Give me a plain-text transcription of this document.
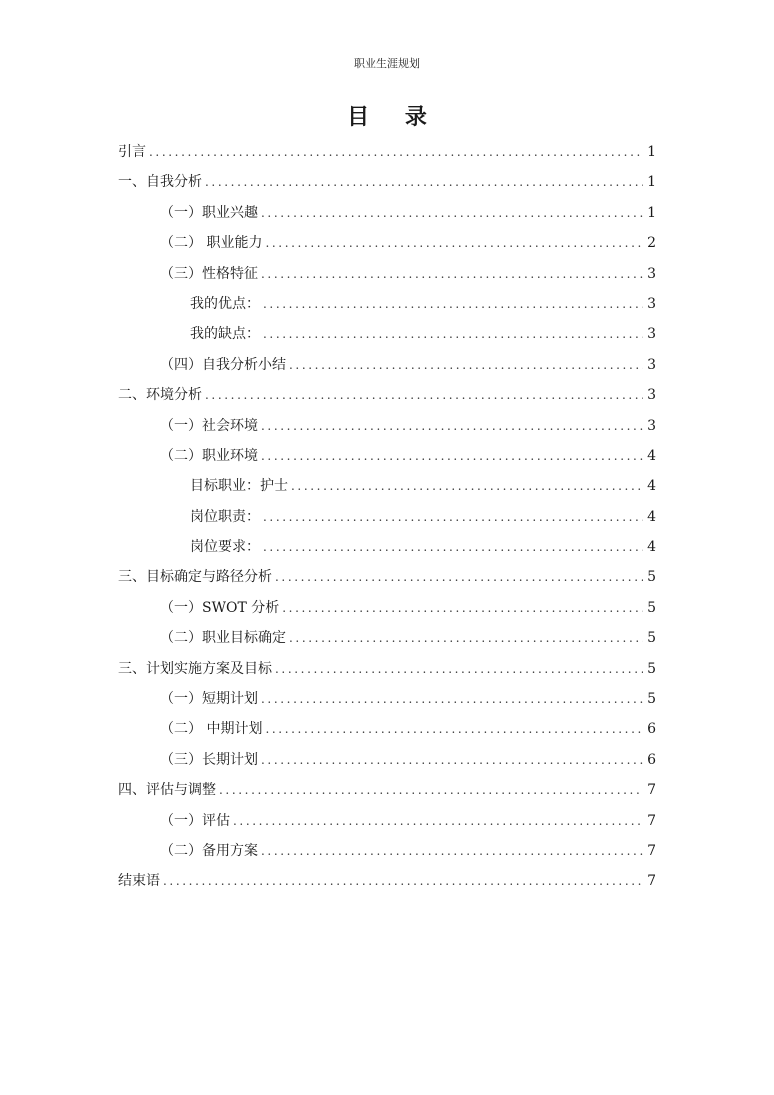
职业生涯规划
目 录
引言 .....	1
一、自我分析 .....	1
（一）职业兴趣 .....	1
（二） 职业能力 .....	2
（三）性格特征 .....	3
我的优点： .....	3
我的缺点： .....	3
（四）自我分析小结 .....	3
二、环境分析 .....	3
（一）社会环境 .....	3
（二）职业环境 .....	4
目标职业：护士 .....	4
岗位职责： .....	4
岗位要求： .....	4
三、目标确定与路径分析 .....	5
（一）SWOT 分析 .....	5
（二）职业目标确定 .....	5
三、计划实施方案及目标 .....	5
（一）短期计划 .....	5
（二） 中期计划 .....	6
（三）长期计划 .....	6
四、评估与调整 .....	7
（一）评估 .....	7
（二）备用方案 .....	7
结束语 .....	7
